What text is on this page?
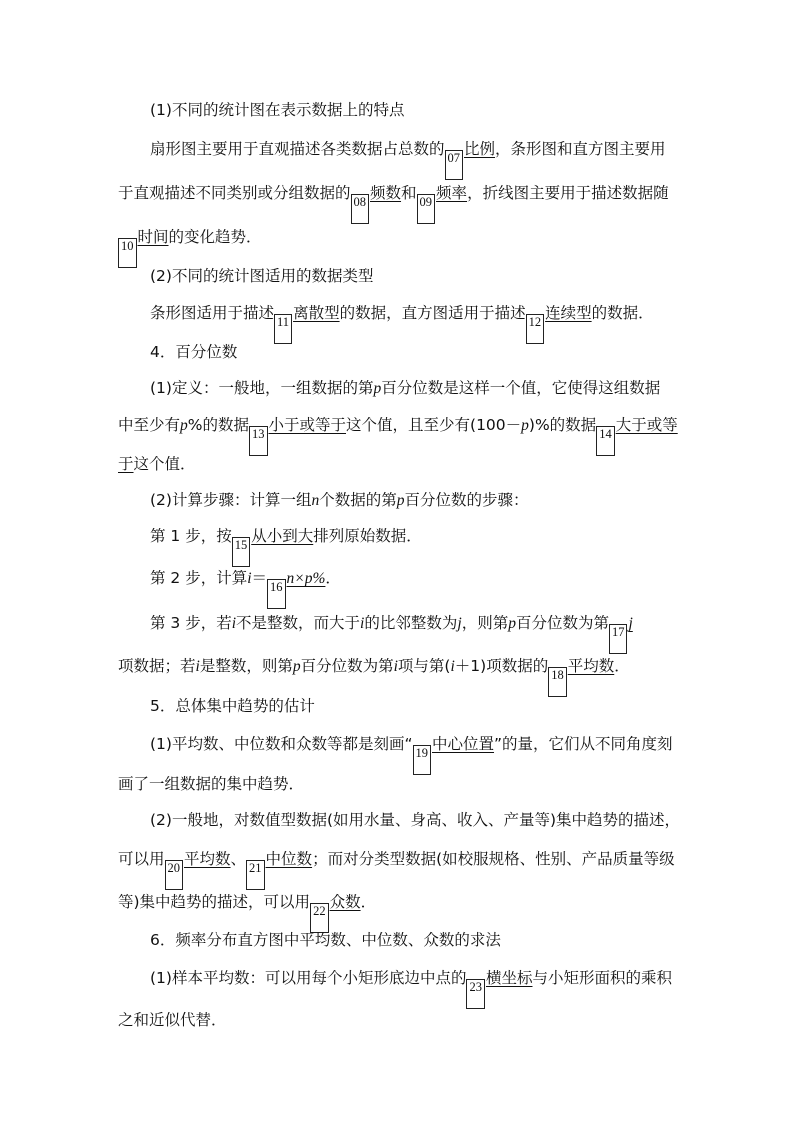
(1)不同的统计图在表示数据上的特点
扇形图主要用于直观描述各类数据占总数的 07 比例，条形图和直方图主要用
于直观描述不同类别或分组数据的 08 频数和 09 频率，折线图主要用于描述数据随
10 时间的变化趋势．
(2)不同的统计图适用的数据类型
条形图适用于描述 11 离散型的数据，直方图适用于描述 12 连续型的数据．
4．百分位数
(1)定义：一般地，一组数据的第p百分位数是这样一个值，它使得这组数据
中至少有p%的数据 13 小于或等于这个值，且至少有(100－p)%的数据 14 大于或等
于这个值．
(2)计算步骤：计算一组n个数据的第p百分位数的步骤：
第 1 步，按 15 从小到大排列原始数据．
第 2 步，计算i＝ 16 n×p%．
第 3 步，若i不是整数，而大于i的比邻整数为j，则第p百分位数为第 17 j
项数据；若i是整数，则第p百分位数为第i项与第(i＋1)项数据的 18 平均数．
5．总体集中趋势的估计
(1)平均数、中位数和众数等都是刻画“ 19 中心位置”的量，它们从不同角度刻
画了一组数据的集中趋势．
(2)一般地，对数值型数据(如用水量、身高、收入、产量等)集中趋势的描述，
可以用 20 平均数、 21 中位数；而对分类型数据(如校服规格、性别、产品质量等级
等)集中趋势的描述，可以用 22 众数．
6．频率分布直方图中平均数、中位数、众数的求法
(1)样本平均数：可以用每个小矩形底边中点的 23 横坐标与小矩形面积的乘积
之和近似代替．
